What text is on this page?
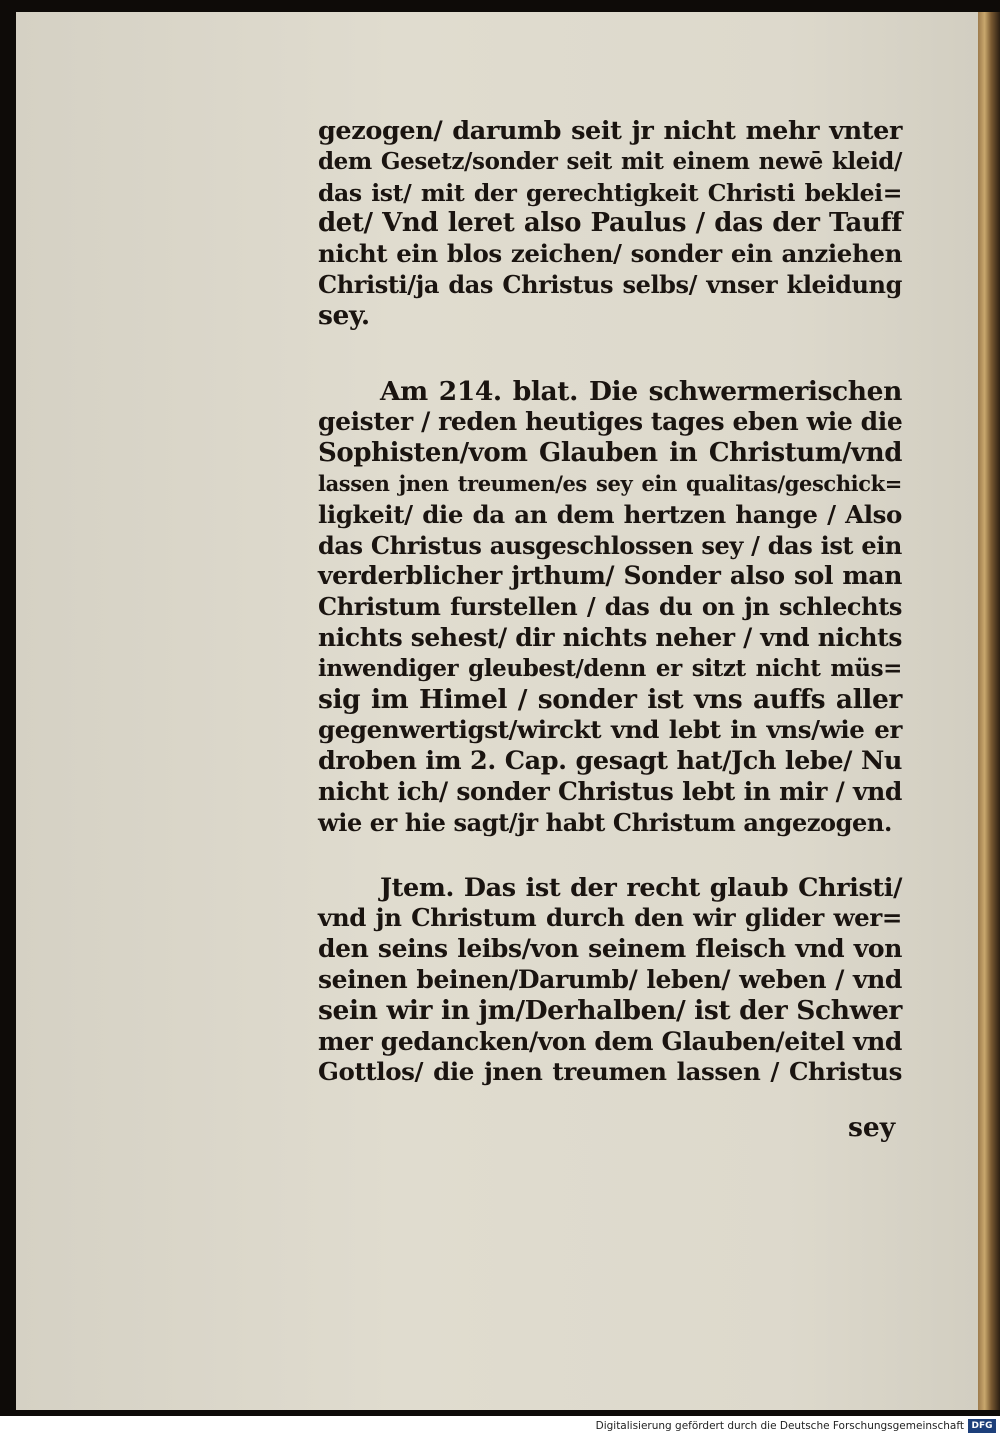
gezogen/ darumb seit jr nicht mehr vnter
dem Gesetz/sonder seit mit einem newē kleid/
das ist/ mit der gerechtigkeit Christi beklei=
det/ Vnd leret also Paulus / das der Tauff
nicht ein blos zeichen/ sonder ein anziehen
Christi/ja das Christus selbs/ vnser kleidung
sey.
Am 214. blat. Die schwermerischen
geister / reden heutiges tages eben wie die
Sophisten/vom Glauben in Christum/vnd
lassen jnen treumen/es sey ein qualitas/geschick=
ligkeit/ die da an dem hertzen hange / Also
das Christus ausgeschlossen sey / das ist ein
verderblicher jrthum/ Sonder also sol man
Christum furstellen / das du on jn schlechts
nichts sehest/ dir nichts neher / vnd nichts
inwendiger gleubest/denn er sitzt nicht müs=
sig im Himel / sonder ist vns auffs aller
gegenwertigst/wirckt vnd lebt in vns/wie er
droben im 2. Cap. gesagt hat/Jch lebe/ Nu
nicht ich/ sonder Christus lebt in mir / vnd
wie er hie sagt/jr habt Christum angezogen.
Jtem. Das ist der recht glaub Christi/
vnd jn Christum durch den wir glider wer=
den seins leibs/von seinem fleisch vnd von
seinen beinen/Darumb/ leben/ weben / vnd
sein wir in jm/Derhalben/ ist der Schwer
mer gedancken/von dem Glauben/eitel vnd
Gottlos/ die jnen treumen lassen / Christus
sey
Digitalisierung gefördert durch die Deutsche Forschungsgemeinschaft DFG
